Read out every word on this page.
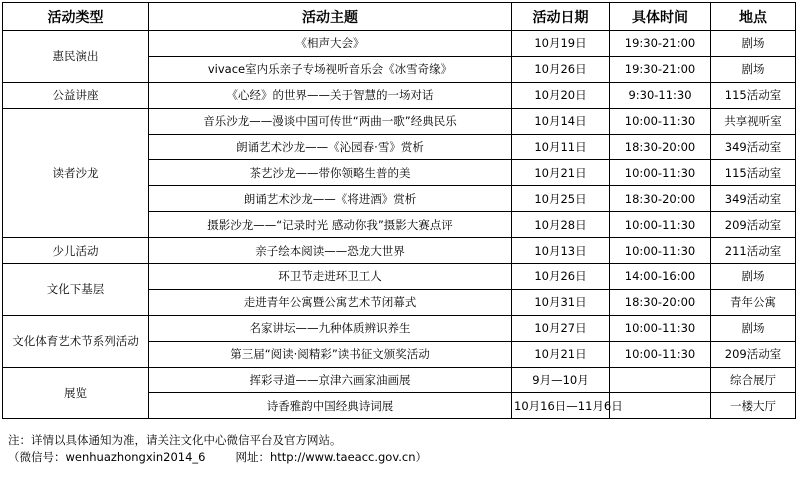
活动类型	活动主题	活动日期	具体时间	地点
惠民演出	《相声大会》	10月19日	19:30-21:00	剧场
	vivace室内乐亲子专场视听音乐会《冰雪奇缘》	10月26日	19:30-21:00	剧场
公益讲座	《心经》的世界——关于智慧的一场对话	10月20日	9:30-11:30	115活动室
读者沙龙	音乐沙龙——漫谈中国可传世“两曲一歌”经典民乐	10月14日	10:00-11:30	共享视听室
	朗诵艺术沙龙——《沁园春·雪》赏析	10月11日	18:30-20:00	349活动室
	茶艺沙龙——带你领略生普的美	10月21日	10:00-11:30	115活动室
	朗诵艺术沙龙——《将进酒》赏析	10月25日	18:30-20:00	349活动室
	摄影沙龙——“记录时光 感动你我”摄影大赛点评	10月28日	10:00-11:30	209活动室
少儿活动	亲子绘本阅读——恐龙大世界	10月13日	10:00-11:30	211活动室
文化下基层	环卫节走进环卫工人	10月26日	14:00-16:00	剧场
	走进青年公寓暨公寓艺术节闭幕式	10月31日	18:30-20:00	青年公寓
文化体育艺术节系列活动	名家讲坛——九种体质辨识养生	10月27日	10:00-11:30	剧场
	第三届“阅读·阅精彩”读书征文颁奖活动	10月21日	10:00-11:30	209活动室
展览	挥彩寻道——京津六画家油画展	9月—10月		综合展厅
	诗香雅韵中国经典诗词展	10月16日—11月6日		一楼大厅
注：详情以具体通知为准，请关注文化中心微信平台及官方网站。
（微信号：wenhuazhongxin2014_6	网址：http://www.taeacc.gov.cn）
